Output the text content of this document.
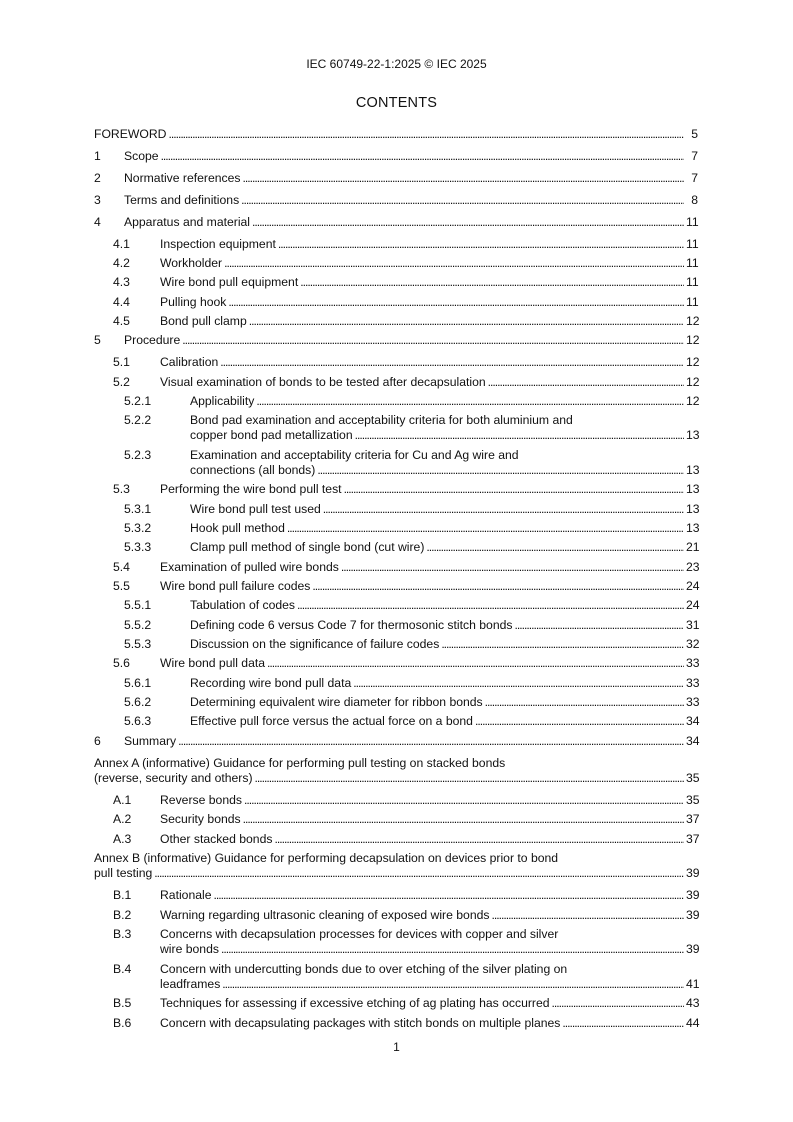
IEC 60749-22-1:2025 © IEC 2025
CONTENTS
FOREWORD . . .	5
1 Scope . . .	7
2 Normative references . . .	7
3 Terms and definitions . . .	8
4 Apparatus and material . . .	11
4.1 Inspection equipment . . .	11
4.2 Workholder . . .	11
4.3 Wire bond pull equipment . . .	11
4.4 Pulling hook . . .	11
4.5 Bond pull clamp . . .	12
5 Procedure . . .	12
5.1 Calibration . . .	12
5.2 Visual examination of bonds to be tested after decapsulation . . .	12
5.2.1	Applicability . . .	12
5.2.2	Bond pad examination and acceptability criteria for both aluminium and
copper bond pad metallization . . .	13
5.2.3	Examination and acceptability criteria for Cu and Ag wire and
connections (all bonds) . . .	13
5.3 Performing the wire bond pull test . . .	13
5.3.1	Wire bond pull test used . . .	13
5.3.2	Hook pull method . . .	13
5.3.3	Clamp pull method of single bond (cut wire) . . .	21
5.4 Examination of pulled wire bonds . . .	23
5.5 Wire bond pull failure codes . . .	24
5.5.1	Tabulation of codes . . .	24
5.5.2	Defining code 6 versus Code 7 for thermosonic stitch bonds . . .	31
5.5.3	Discussion on the significance of failure codes . . .	32
5.6 Wire bond pull data . . .	33
5.6.1	Recording wire bond pull data . . .	33
5.6.2	Determining equivalent wire diameter for ribbon bonds . . .	33
5.6.3	Effective pull force versus the actual force on a bond . . .	34
6 Summary . . .	34
Annex A (informative) Guidance for performing pull testing on stacked bonds
(reverse, security and others) . . .	35
A.1 Reverse bonds . . .	35
A.2 Security bonds . . .	37
A.3 Other stacked bonds . . .	37
Annex B (informative) Guidance for performing decapsulation on devices prior to bond
pull testing . . .	39
B.1 Rationale . . .	39
B.2 Warning regarding ultrasonic cleaning of exposed wire bonds . . .	39
B.3 Concerns with decapsulation processes for devices with copper and silver
wire bonds . . .	39
B.4 Concern with undercutting bonds due to over etching of the silver plating on
leadframes . . .	41
B.5 Techniques for assessing if excessive etching of ag plating has occurred . . .	43
B.6 Concern with decapsulating packages with stitch bonds on multiple planes . . .	44
1
